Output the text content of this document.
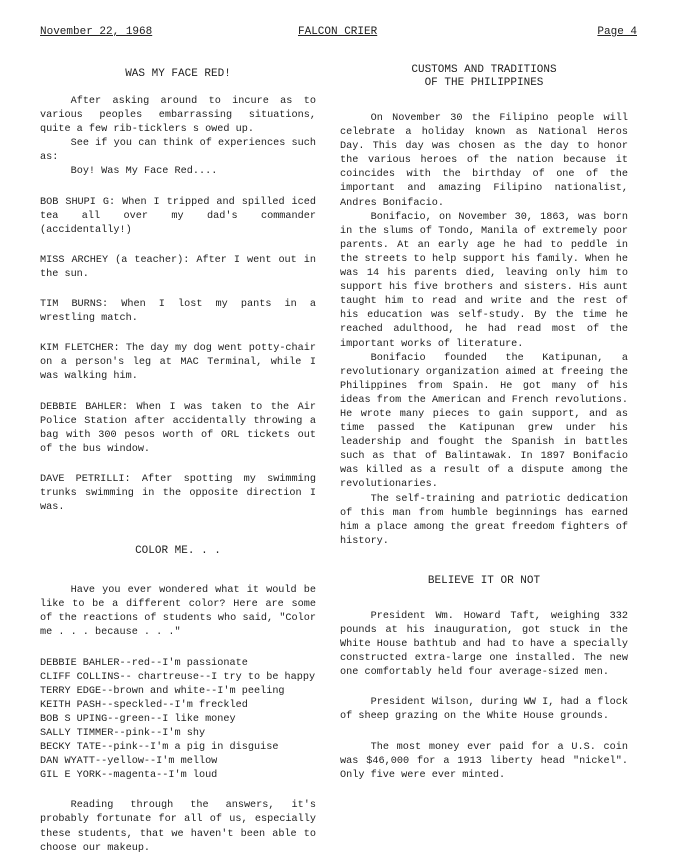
November 22, 1968	FALCON CRIER	Page 4
WAS MY FACE RED!

After asking around to incure as to various peoples embarrassing situations, quite a few rib-ticklers s owed up.

See if you can think of experiences such as:

Boy! Was My Face Red....

BOB SHUPI G: When I tripped and spilled iced tea all over my dad's commander (accidentally!)

MISS ARCHEY (a teacher): After I went out in the sun.

TIM BURNS: When I lost my pants in a wrestling match.

KIM FLETCHER: The day my dog went potty-chair on a person's leg at MAC Terminal, while I was walking him.

DEBBIE BAHLER: When I was taken to the Air Police Station after accidentally throwing a bag with 300 pesos worth of ORL tickets out of the bus window.

DAVE PETRILLI: After spotting my swimming trunks swimming in the opposite direction I was.

COLOR ME. . .

Have you ever wondered what it would be like to be a different color? Here are some of the reactions of students who said, "Color me . . . because . . ."

DEBBIE BAHLER--red--I'm passionate
CLIFF COLLINS-- chartreuse--I try to be happy
TERRY EDGE--brown and white--I'm peeling
KEITH PASH--speckled--I'm freckled
BOB S UPING--green--I like money
SALLY TIMMER--pink--I'm shy
BECKY TATE--pink--I'm a pig in disguise
DAN WYATT--yellow--I'm mellow
GIL E YORK--magenta--I'm loud

Reading through the answers, it's probably fortunate for all of us, especially these students, that we haven't been able to choose our makeup.

CUSTOMS AND TRADITIONS
OF THE PHILIPPINES

On November 30 the Filipino people will celebrate a holiday known as National Heros Day. This day was chosen as the day to honor the various heroes of the nation because it coincides with the birthday of one of the important and amazing Filipino nationalist, Andres Bonifacio.

Bonifacio, on November 30, 1863, was born in the slums of Tondo, Manila of extremely poor parents. At an early age he had to peddle in the streets to help support his family. When he was 14 his parents died, leaving only him to support his five brothers and sisters. His aunt taught him to read and write and the rest of his education was self-study. By the time he reached adulthood, he had read most of the important works of literature.

Bonifacio founded the Katipunan, a revolutionary organization aimed at freeing the Philippines from Spain. He got many of his ideas from the American and French revolutions. He wrote many pieces to gain support, and as time passed the Katipunan grew under his leadership and fought the Spanish in battles such as that of Balintawak. In 1897 Bonifacio was killed as a result of a dispute among the revolutionaries.

The self-training and patriotic dedication of this man from humble beginnings has earned him a place among the great freedom fighters of history.

BELIEVE IT OR NOT

President Wm. Howard Taft, weighing 332 pounds at his inauguration, got stuck in the White House bathtub and had to have a specially constructed extra-large one installed. The new one comfortably held four average-sized men.

President Wilson, during WW I, had a flock of sheep grazing on the White House grounds.

The most money ever paid for a U.S. coin was $46,000 for a 1913 liberty head "nickel". Only five were ever minted.
